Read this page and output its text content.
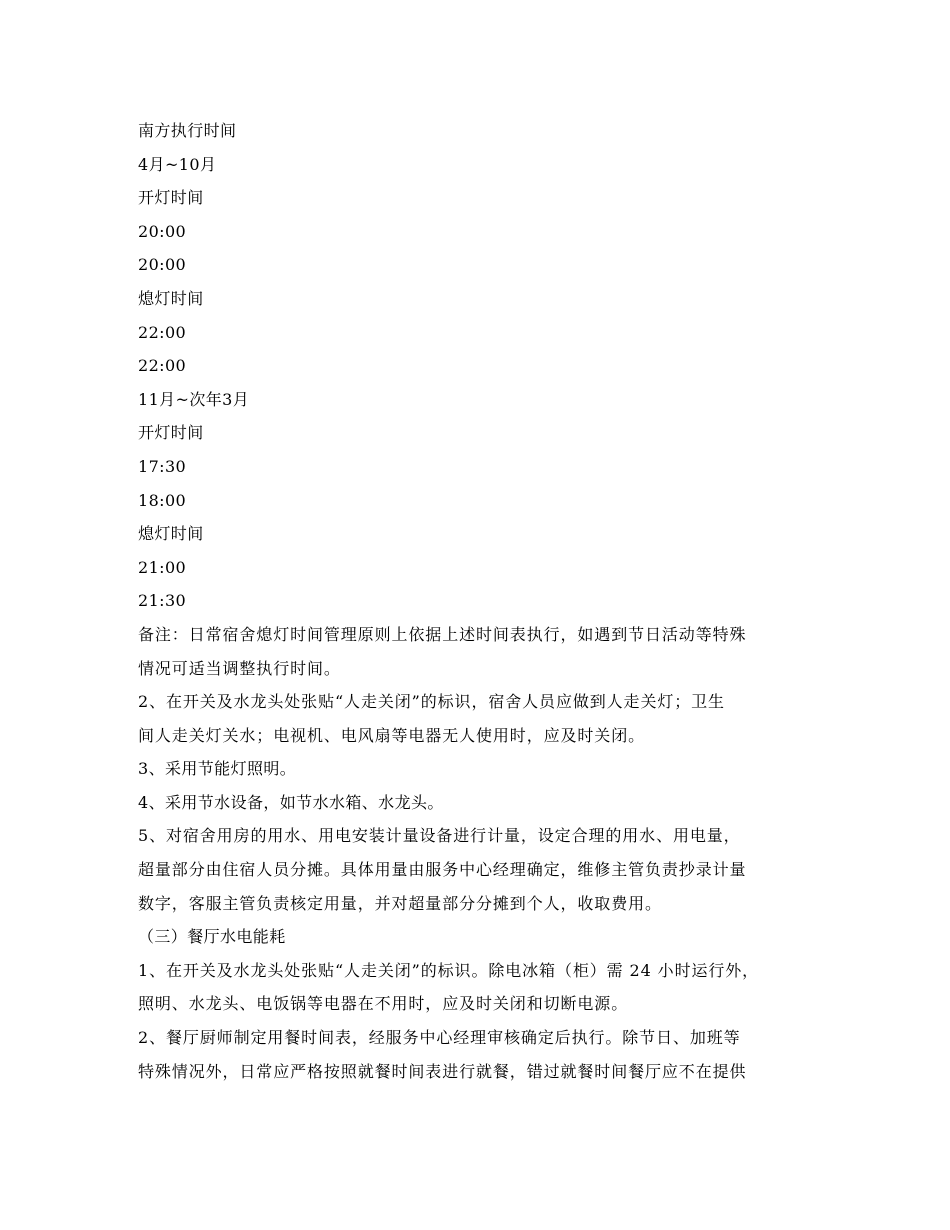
南方执行时间
4月~10月
开灯时间
20:00
20:00
熄灯时间
22:00
22:00
11月~次年3月
开灯时间
17:30
18:00
熄灯时间
21:00
21:30
备注：日常宿舍熄灯时间管理原则上依据上述时间表执行，如遇到节日活动等特殊
情况可适当调整执行时间。
2、在开关及水龙头处张贴“人走关闭”的标识，宿舍人员应做到人走关灯；卫生
间人走关灯关水；电视机、电风扇等电器无人使用时，应及时关闭。
3、采用节能灯照明。
4、采用节水设备，如节水水箱、水龙头。
5、对宿舍用房的用水、用电安装计量设备进行计量，设定合理的用水、用电量，
超量部分由住宿人员分摊。具体用量由服务中心经理确定，维修主管负责抄录计量
数字，客服主管负责核定用量，并对超量部分分摊到个人，收取费用。
（三）餐厅水电能耗
1、在开关及水龙头处张贴“人走关闭”的标识。除电冰箱（柜）需 24 小时运行外，
照明、水龙头、电饭锅等电器在不用时，应及时关闭和切断电源。
2、餐厅厨师制定用餐时间表，经服务中心经理审核确定后执行。除节日、加班等
特殊情况外，日常应严格按照就餐时间表进行就餐，错过就餐时间餐厅应不在提供
